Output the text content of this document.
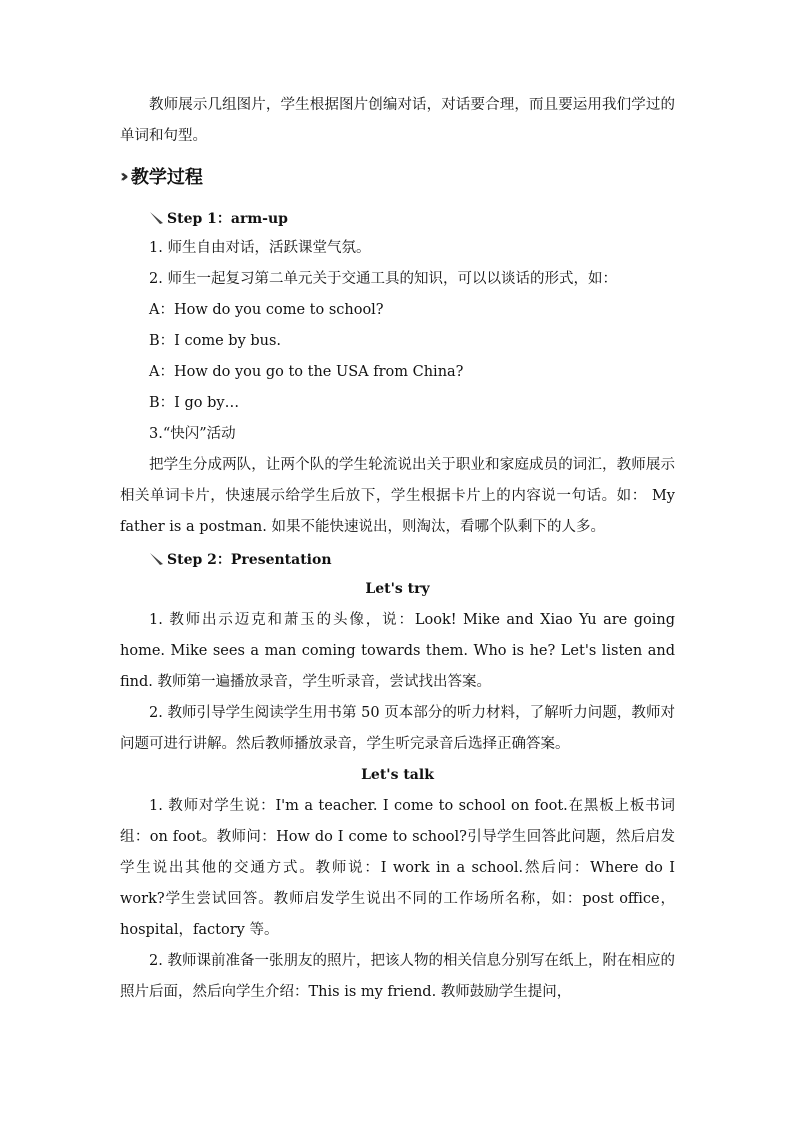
教师展示几组图片，学生根据图片创编对话，对话要合理，而且要运用我们学过的单词和句型。

›› 教学过程
Step 1：arm-up

1. 师生自由对话，活跃课堂气氛。

2. 师生一起复习第二单元关于交通工具的知识，可以以谈话的形式，如：

A：How do you come to school?

B：I come by bus.

A：How do you go to the USA from China?

B：I go by…

3.“快闪”活动

把学生分成两队，让两个队的学生轮流说出关于职业和家庭成员的词汇，教师展示相关单词卡片，快速展示给学生后放下，学生根据卡片上的内容说一句话。如： My father is a postman. 如果不能快速说出，则淘汰，看哪个队剩下的人多。

Step 2：Presentation
Let's try

1. 教师出示迈克和萧玉的头像，说：Look! Mike and Xiao Yu are going home. Mike sees a man coming towards them. Who is he? Let's listen and find. 教师第一遍播放录音，学生听录音，尝试找出答案。

2. 教师引导学生阅读学生用书第 50 页本部分的听力材料，了解听力问题，教师对问题可进行讲解。然后教师播放录音，学生听完录音后选择正确答案。

Let's talk

1. 教师对学生说：I'm a teacher. I come to school on foot.在黑板上板书词组：on foot。教师问：How do I come to school?引导学生回答此问题，然后启发学生说出其他的交通方式。教师说：I work in a school.然后问：Where do I work?学生尝试回答。教师启发学生说出不同的工作场所名称，如：post office，hospital，factory 等。

2. 教师课前准备一张朋友的照片，把该人物的相关信息分别写在纸上，附在相应的照片后面，然后向学生介绍：This is my friend. 教师鼓励学生提问，
